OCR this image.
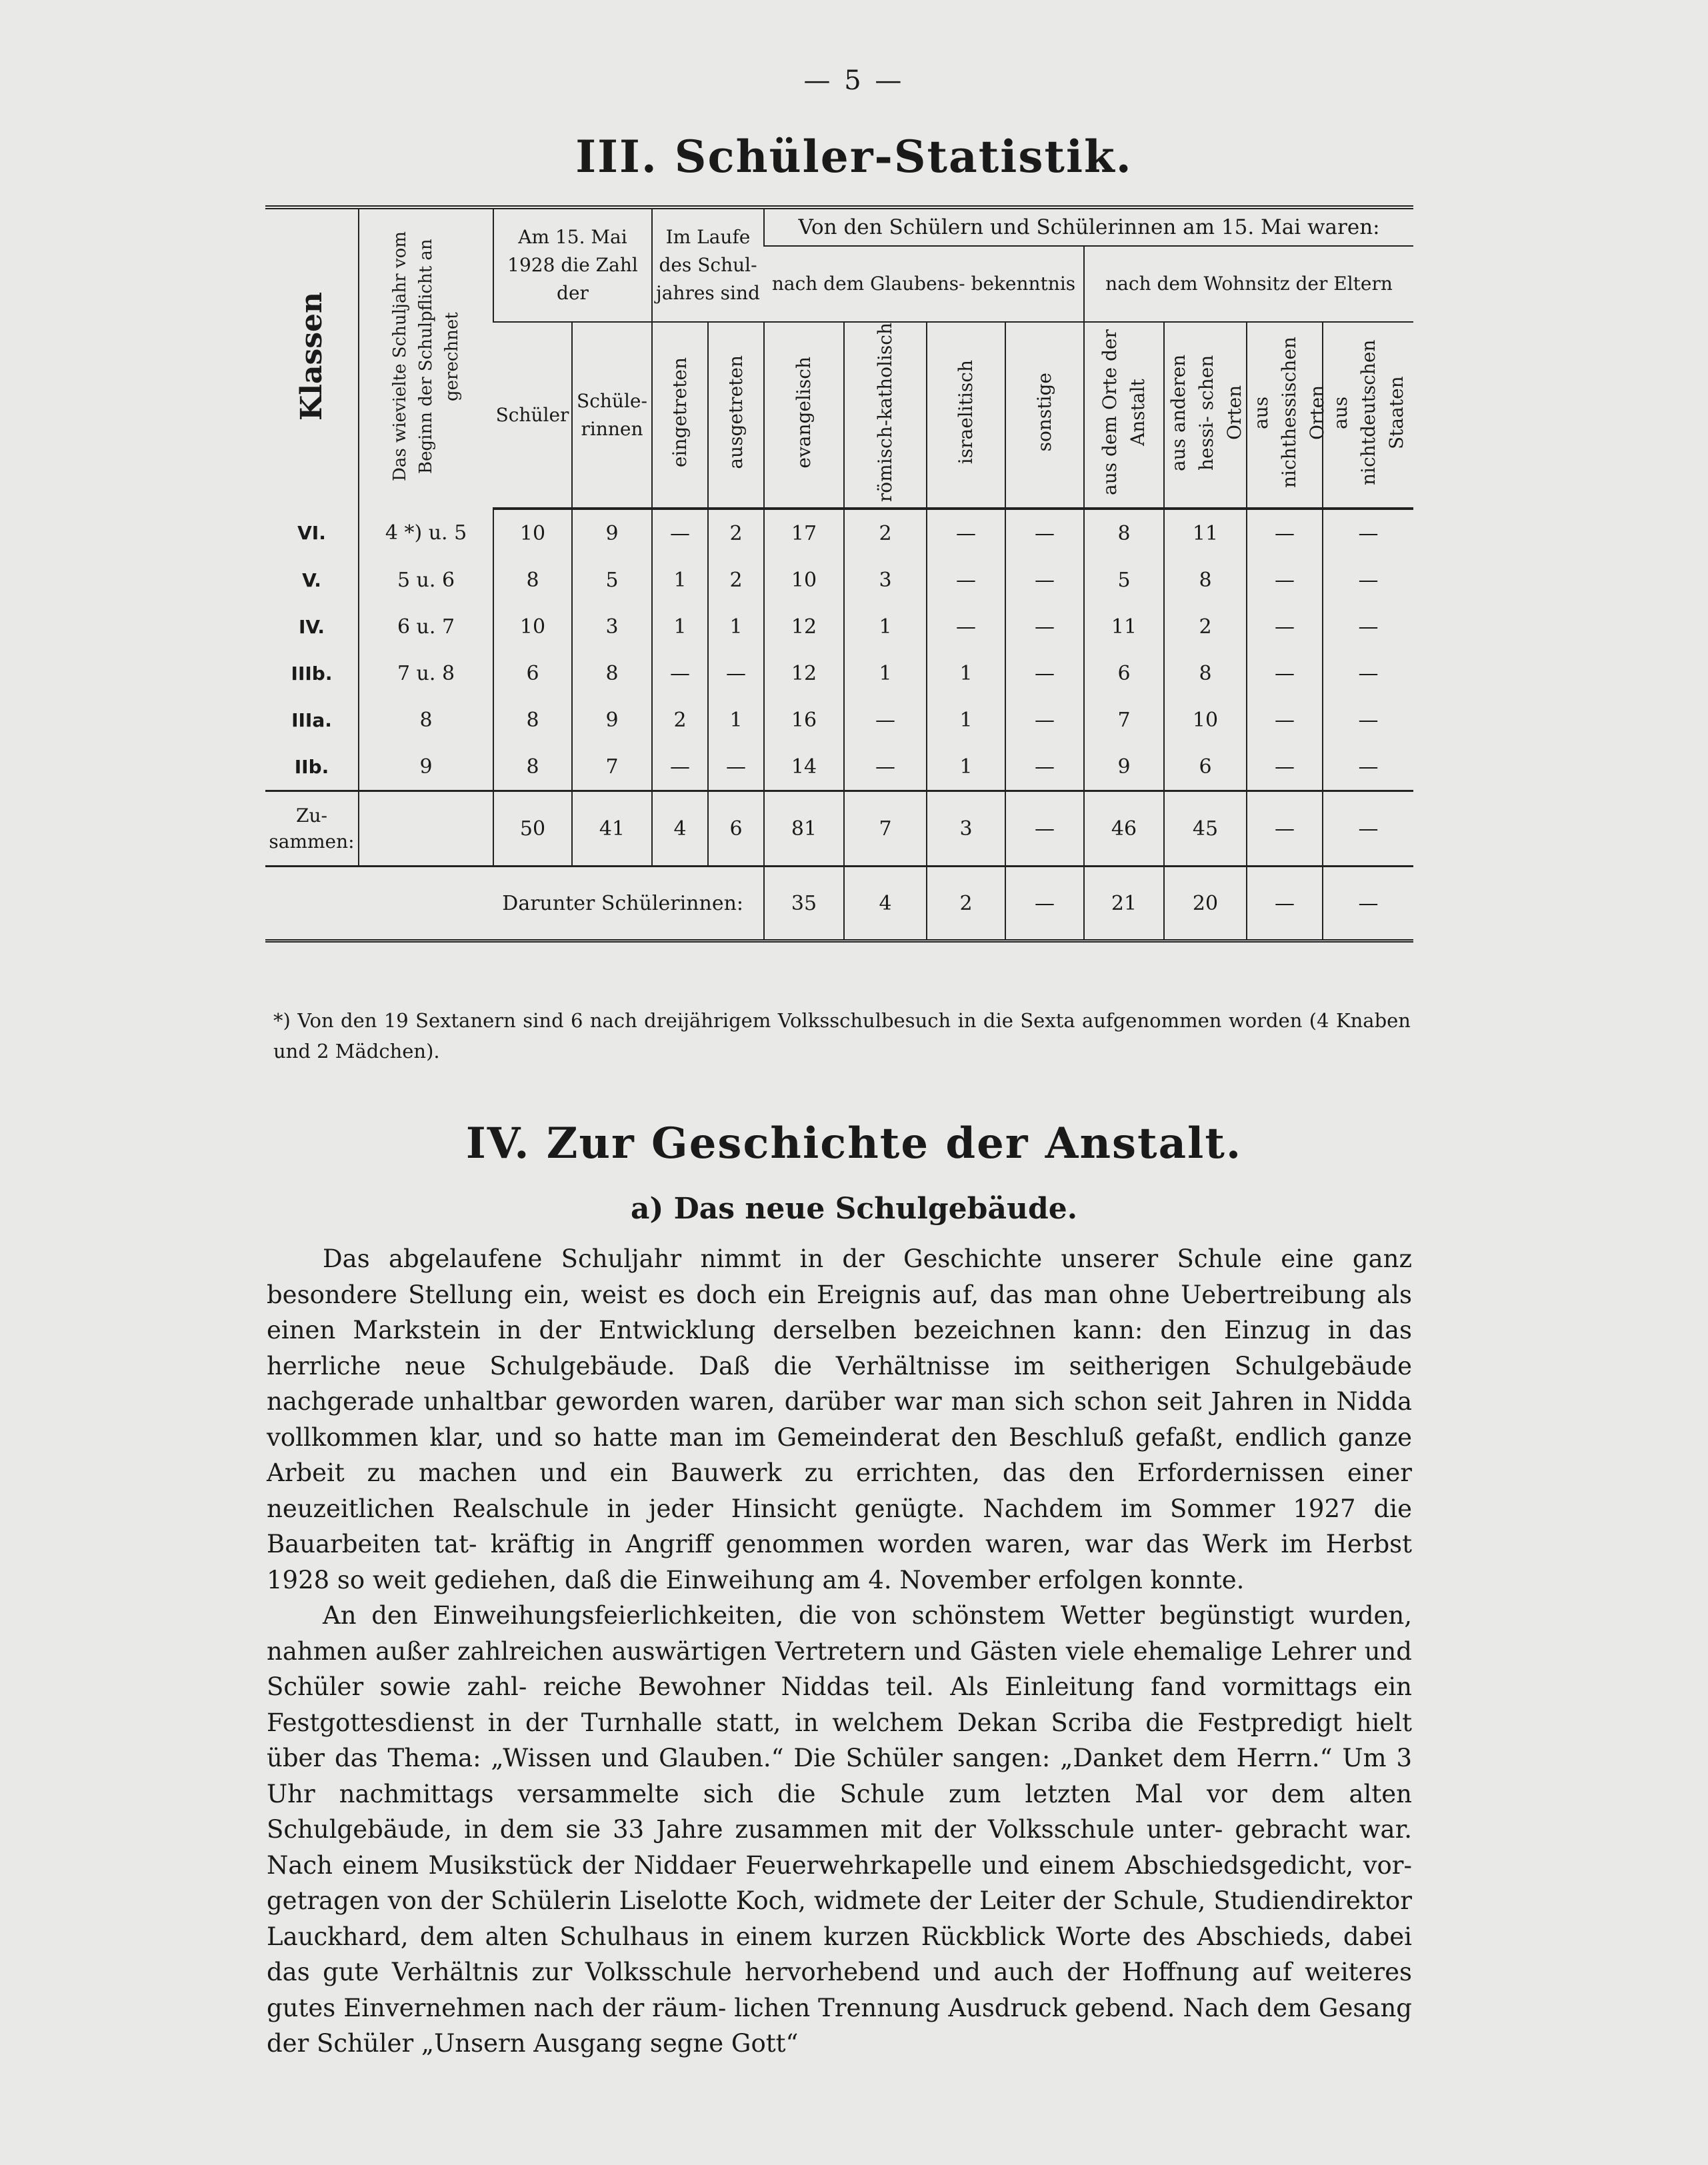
— 5 —
III. Schüler-Statistik.
Klassen	Das wievielte Schuljahr vom Beginn der Schulpflicht an gerechnet	Am 15. Mai 1928 die Zahl der		Im Laufe des Schul- jahres sind		Von den Schülern und Schülerinnen am 15. Mai waren:							
						nach dem Glaubens- bekenntnis				nach dem Wohnsitz der Eltern			
		Schüler	Schüle- rinnen	eingetreten	ausgetreten	evangelisch	römisch-katholisch	israelitisch	sonstige	aus dem Orte der Anstalt	aus anderen hessi- schen Orten	aus nichthessischen Orten	aus nichtdeutschen Staaten
VI.	4 *) u. 5	10	9	—	2	17	2	—	—	8	11	—	—
V.	5 u. 6	8	5	1	2	10	3	—	—	5	8	—	—
IV.	6 u. 7	10	3	1	1	12	1	—	—	11	2	—	—
IIIb.	7 u. 8	6	8	—	—	12	1	1	—	6	8	—	—
IIIa.	8	8	9	2	1	16	—	1	—	7	10	—	—
IIb.	9	8	7	—	—	14	—	1	—	9	6	—	—
Zu- sammen:		50	41	4	6	81	7	3	—	46	45	—	—
Darunter Schülerinnen:						35	4	2	—	21	20	—	—
*) Von den 19 Sextanern sind 6 nach dreijährigem Volksschulbesuch in die Sexta aufgenommen worden (4 Knaben und 2 Mädchen).
IV. Zur Geschichte der Anstalt.
a) Das neue Schulgebäude.

Das abgelaufene Schuljahr nimmt in der Geschichte unserer Schule eine ganz besondere Stellung ein, weist es doch ein Ereignis auf, das man ohne Uebertreibung als einen Markstein in der Entwicklung derselben bezeichnen kann: den Einzug in das herrliche neue Schulgebäude. Daß die Verhältnisse im seitherigen Schulgebäude nachgerade unhaltbar geworden waren, darüber war man sich schon seit Jahren in Nidda vollkommen klar, und so hatte man im Gemeinderat den Beschluß gefaßt, endlich ganze Arbeit zu machen und ein Bauwerk zu errichten, das den Erfordernissen einer neuzeitlichen Realschule in jeder Hinsicht genügte. Nachdem im Sommer 1927 die Bauarbeiten tat- kräftig in Angriff genommen worden waren, war das Werk im Herbst 1928 so weit gediehen, daß die Einweihung am 4. November erfolgen konnte.

An den Einweihungsfeierlichkeiten, die von schönstem Wetter begünstigt wurden, nahmen außer zahlreichen auswärtigen Vertretern und Gästen viele ehemalige Lehrer und Schüler sowie zahl- reiche Bewohner Niddas teil. Als Einleitung fand vormittags ein Festgottesdienst in der Turnhalle statt, in welchem Dekan Scriba die Festpredigt hielt über das Thema: „Wissen und Glauben.“ Die Schüler sangen: „Danket dem Herrn.“ Um 3 Uhr nachmittags versammelte sich die Schule zum letzten Mal vor dem alten Schulgebäude, in dem sie 33 Jahre zusammen mit der Volksschule unter- gebracht war. Nach einem Musikstück der Niddaer Feuerwehrkapelle und einem Abschiedsgedicht, vor- getragen von der Schülerin Liselotte Koch, widmete der Leiter der Schule, Studiendirektor Lauckhard, dem alten Schulhaus in einem kurzen Rückblick Worte des Abschieds, dabei das gute Verhältnis zur Volksschule hervorhebend und auch der Hoffnung auf weiteres gutes Einvernehmen nach der räum- lichen Trennung Ausdruck gebend. Nach dem Gesang der Schüler „Unsern Ausgang segne Gott“
